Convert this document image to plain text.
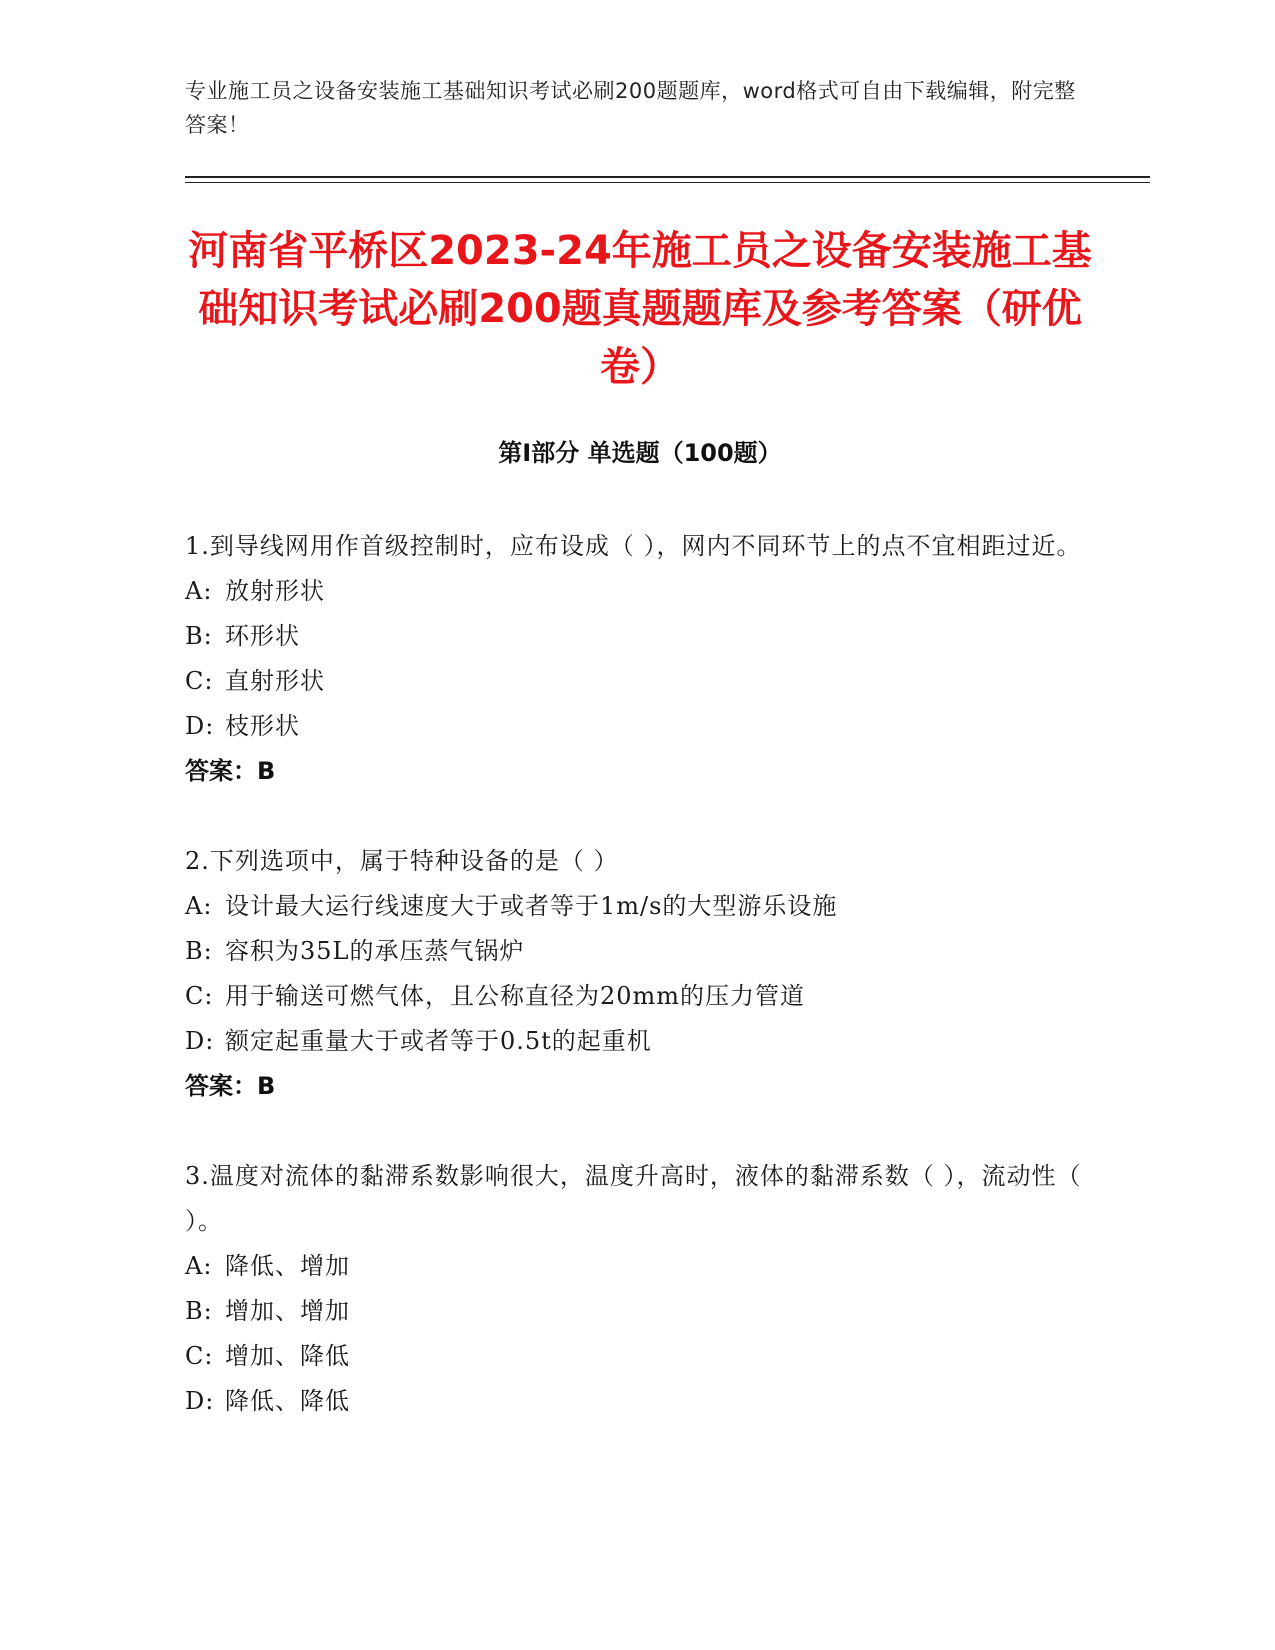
专业施工员之设备安装施工基础知识考试必刷200题题库，word格式可自由下载编辑，附完整答案！
河南省平桥区2023-24年施工员之设备安装施工基础知识考试必刷200题真题题库及参考答案（研优卷）
第Ⅰ部分 单选题（100题）
1.到导线网用作首级控制时，应布设成（ ），网内不同环节上的点不宜相距过近。
A: 放射形状
B: 环形状
C: 直射形状
D: 枝形状
答案：B
2.下列选项中，属于特种设备的是（ ）
A: 设计最大运行线速度大于或者等于1m/s的大型游乐设施
B: 容积为35L的承压蒸气锅炉
C: 用于输送可燃气体，且公称直径为20mm的压力管道
D: 额定起重量大于或者等于0.5t的起重机
答案：B
3.温度对流体的黏滞系数影响很大，温度升高时，液体的黏滞系数（ ），流动性（ ）。
A: 降低、增加
B: 增加、增加
C: 增加、降低
D: 降低、降低
